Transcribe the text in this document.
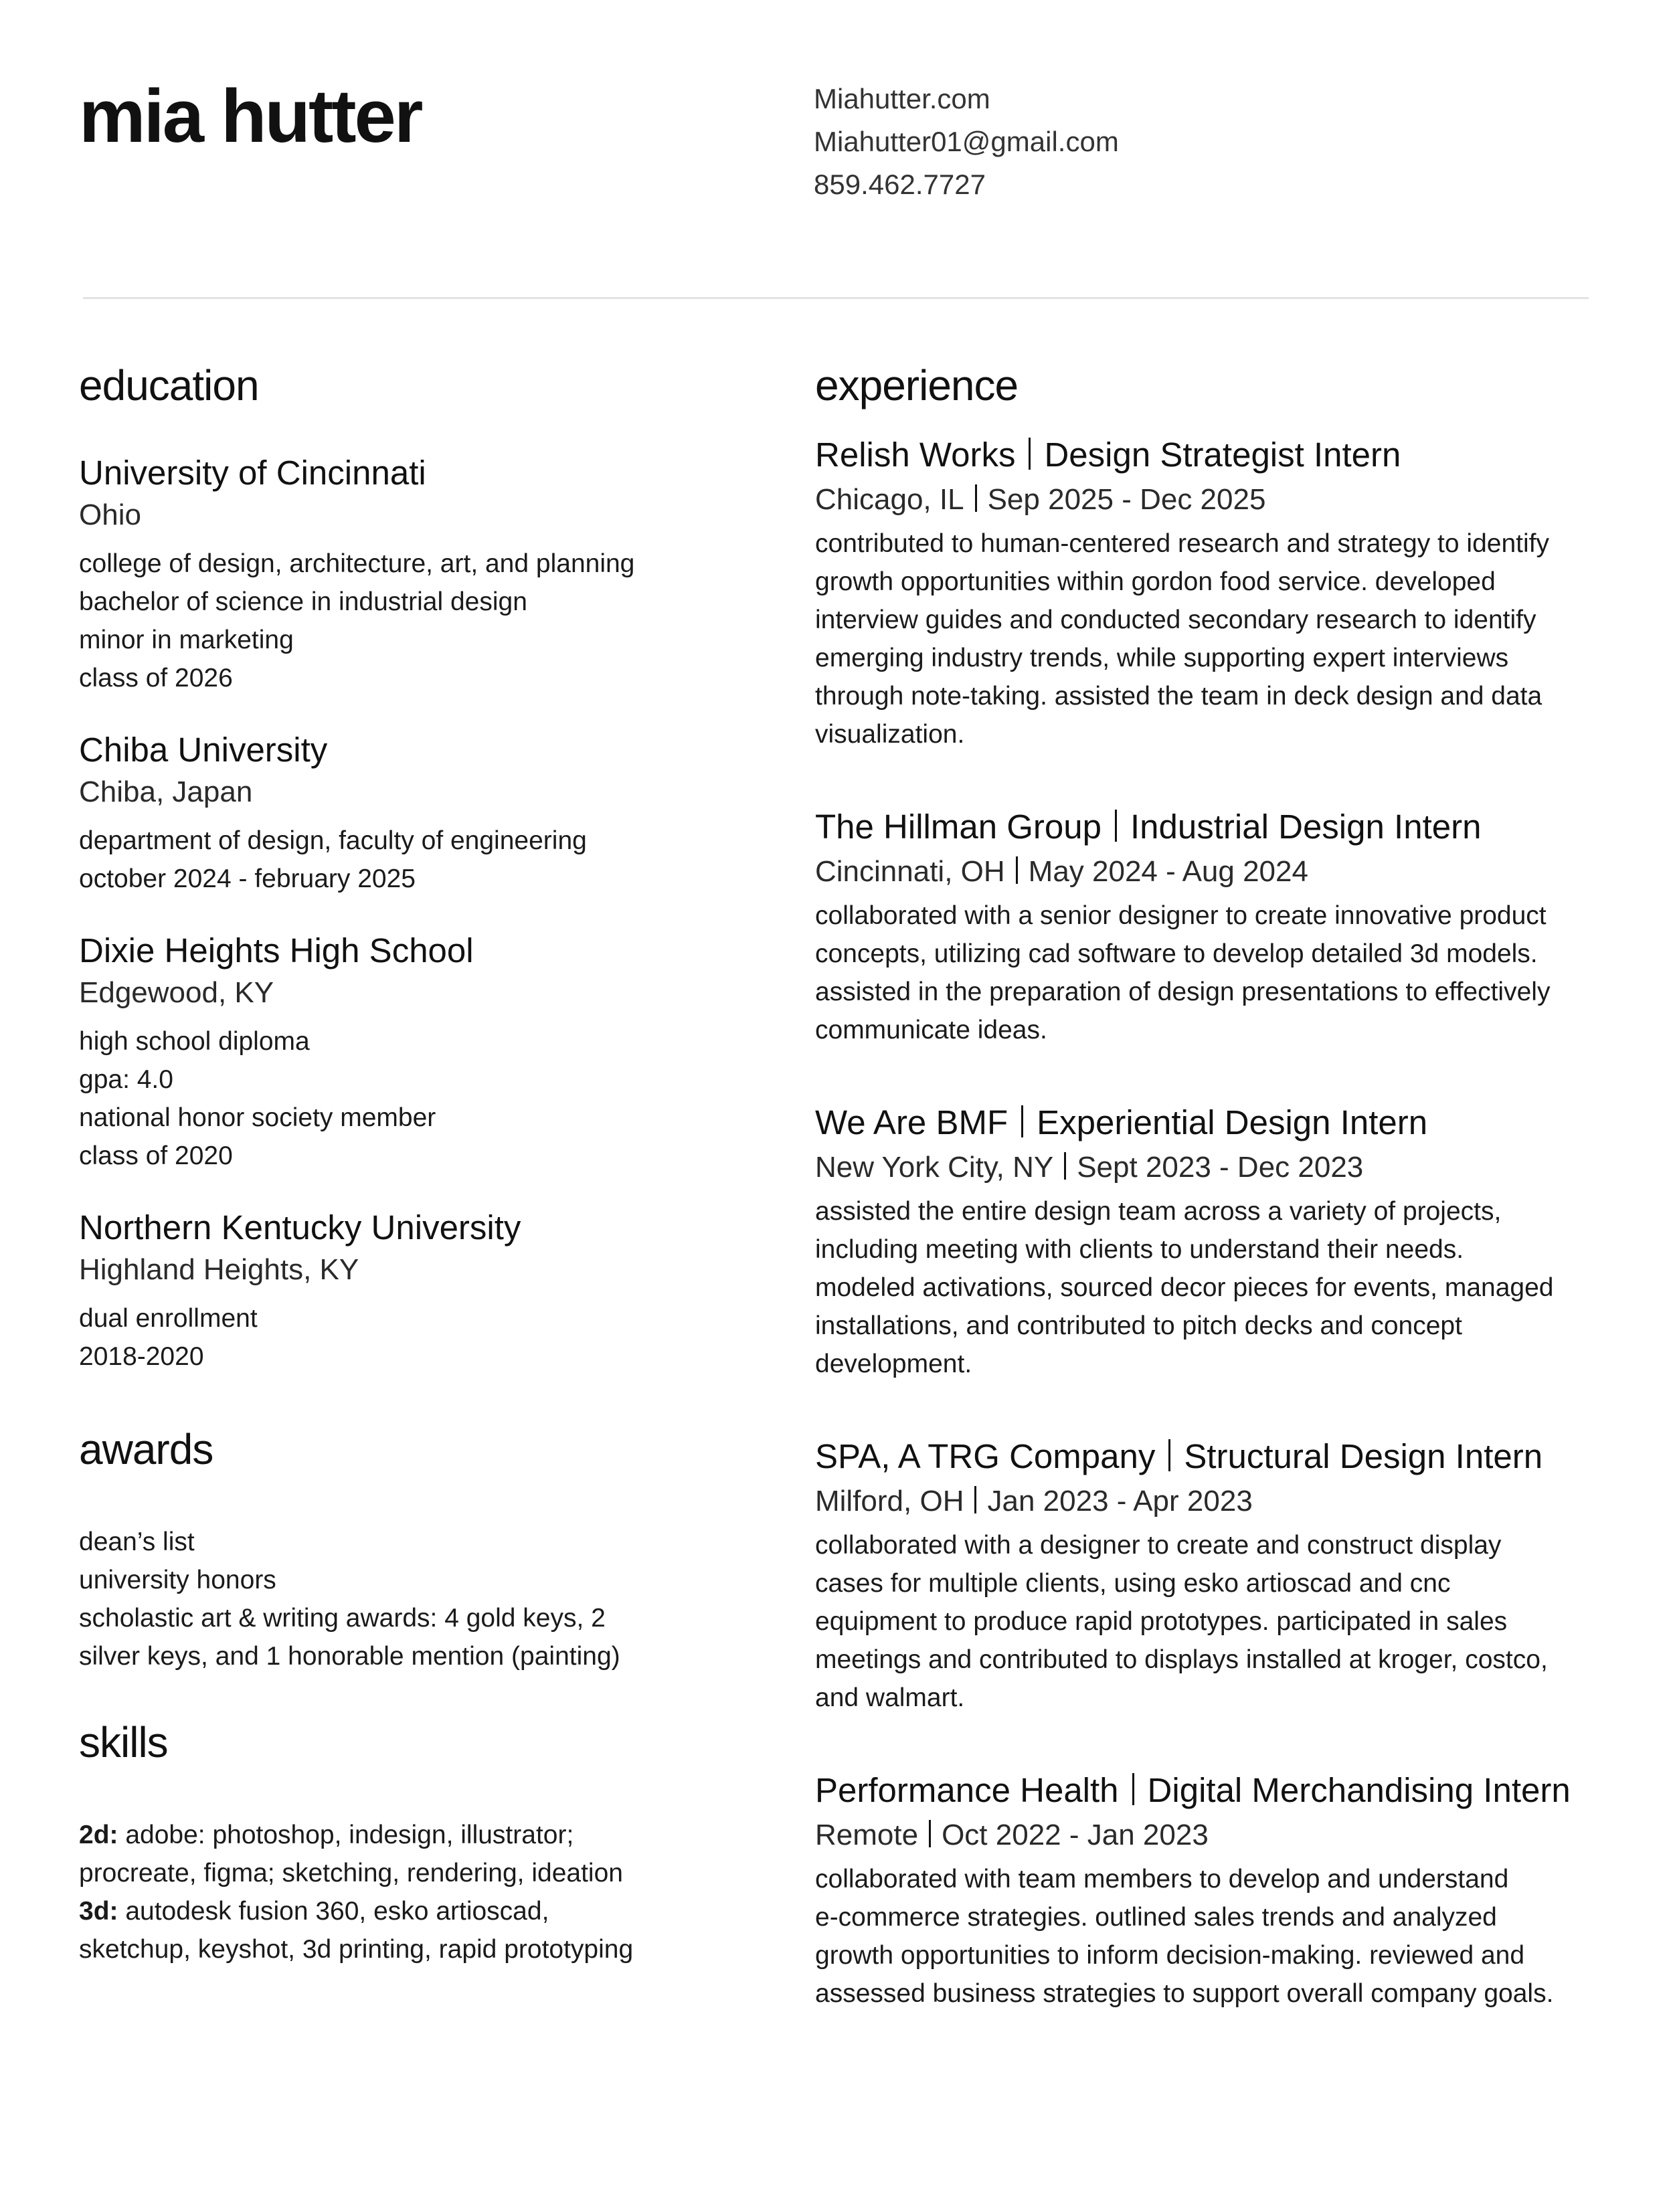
mia hutter	Miahutter.com
Miahutter01@gmail.com
859.462.7727
education
University of Cincinnati
Ohio
college of design, architecture, art, and planning
bachelor of science in industrial design
minor in marketing
class of 2026
Chiba University
Chiba, Japan
department of design, faculty of engineering
october 2024 - february 2025
Dixie Heights High School
Edgewood, KY
high school diploma
gpa: 4.0
national honor society member
class of 2020
Northern Kentucky University
Highland Heights, KY
dual enrollment
2018-2020
awards
dean’s list
university honors
scholastic art & writing awards: 4 gold keys, 2
silver keys, and 1 honorable mention (painting)
skills
2d: adobe: photoshop, indesign, illustrator;
procreate, figma; sketching, rendering, ideation
3d: autodesk fusion 360, esko artioscad,
sketchup, keyshot, 3d printing, rapid prototyping
experience
Relish Works Design Strategist Intern
Chicago, IL Sep 2025 - Dec 2025
contributed to human-centered research and strategy to identify
growth opportunities within gordon food service. developed
interview guides and conducted secondary research to identify
emerging industry trends, while supporting expert interviews
through note-taking. assisted the team in deck design and data
visualization.
The Hillman Group Industrial Design Intern
Cincinnati, OH May 2024 - Aug 2024
collaborated with a senior designer to create innovative product
concepts, utilizing cad software to develop detailed 3d models.
assisted in the preparation of design presentations to effectively
communicate ideas.
We Are BMF Experiential Design Intern
New York City, NY Sept 2023 - Dec 2023
assisted the entire design team across a variety of projects,
including meeting with clients to understand their needs.
modeled activations, sourced decor pieces for events, managed
installations, and contributed to pitch decks and concept
development.
SPA, A TRG Company Structural Design Intern
Milford, OH Jan 2023 - Apr 2023
collaborated with a designer to create and construct display
cases for multiple clients, using esko artioscad and cnc
equipment to produce rapid prototypes. participated in sales
meetings and contributed to displays installed at kroger, costco,
and walmart.
Performance Health Digital Merchandising Intern
Remote Oct 2022 - Jan 2023
collaborated with team members to develop and understand
e-commerce strategies. outlined sales trends and analyzed
growth opportunities to inform decision-making. reviewed and
assessed business strategies to support overall company goals.
